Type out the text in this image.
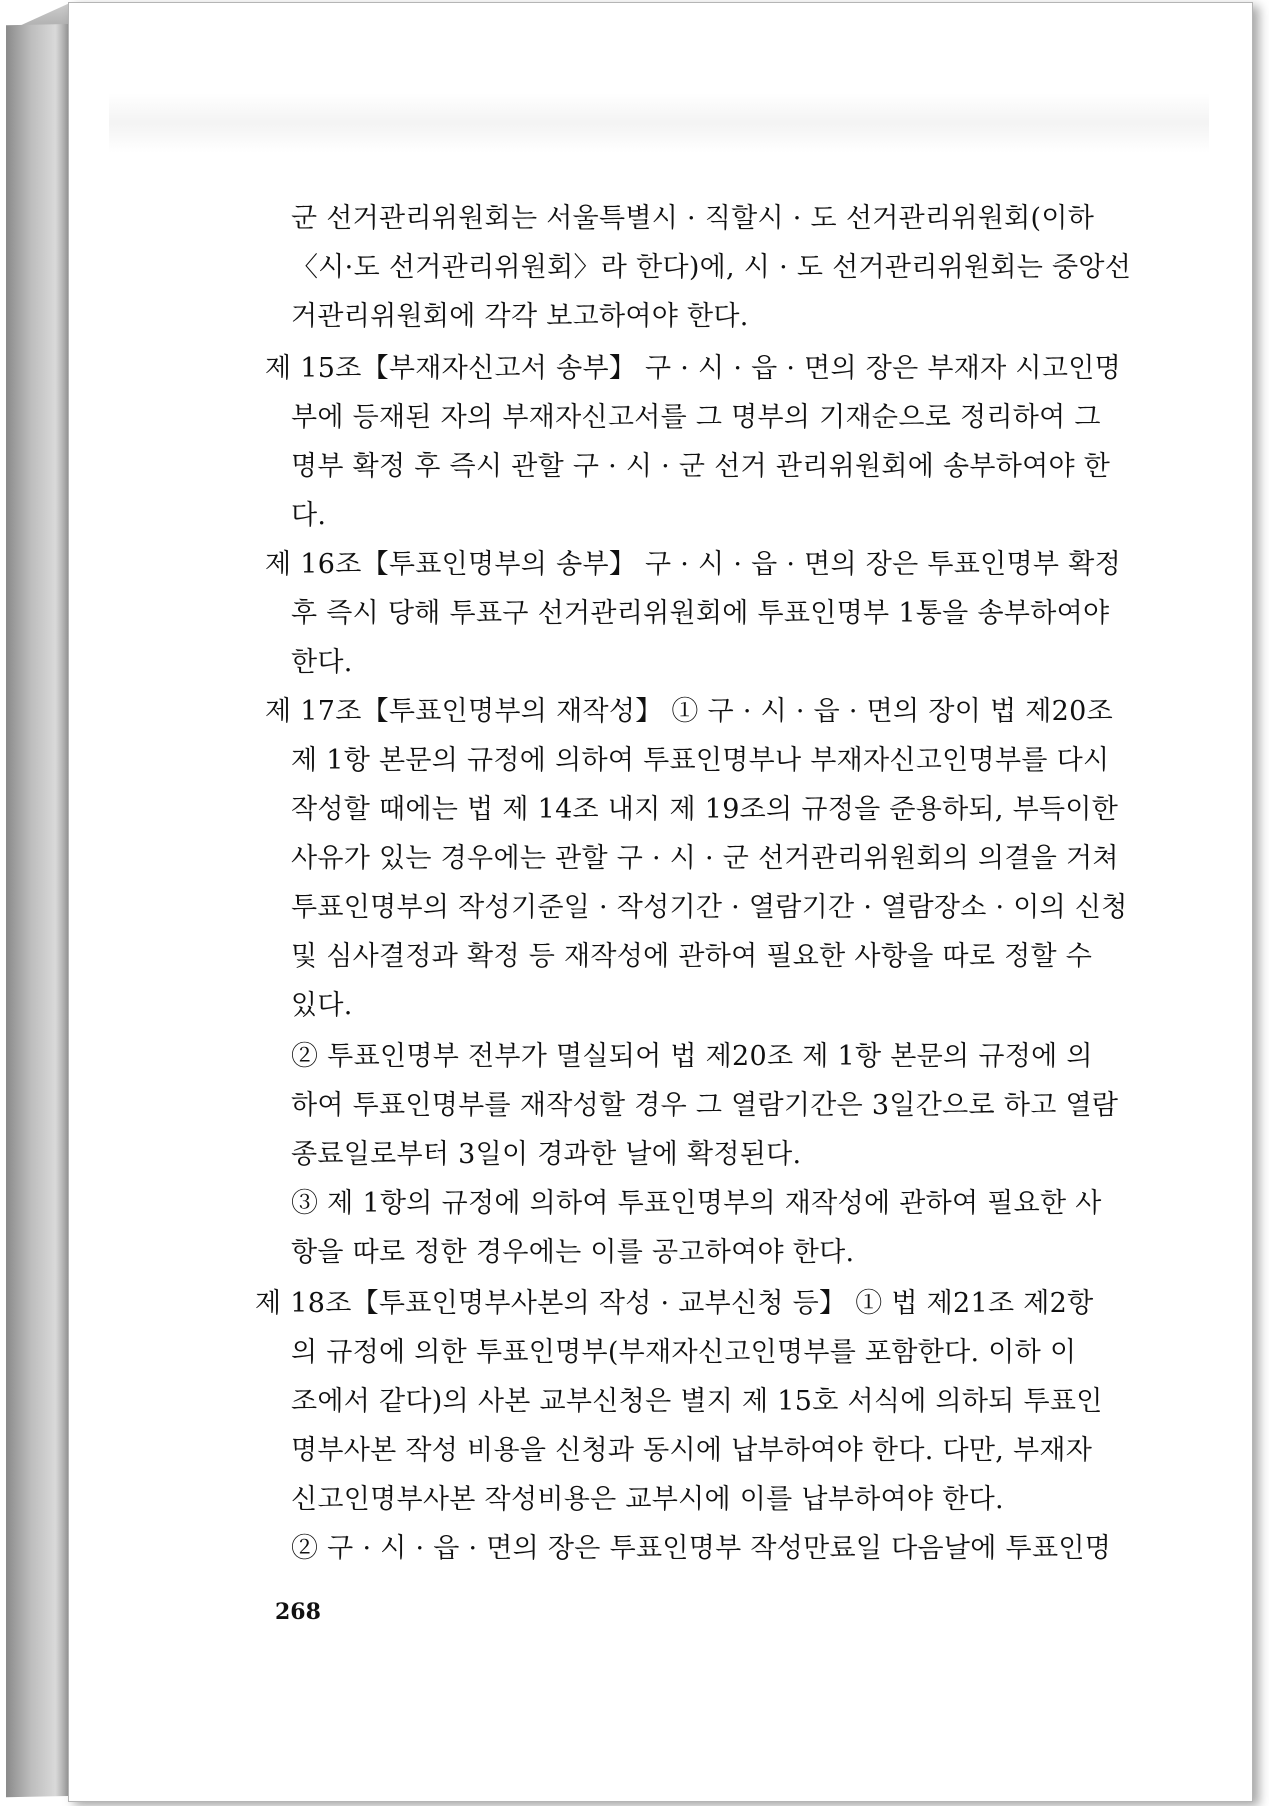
군 선거관리위원회는 서울특별시 · 직할시 · 도 선거관리위원회(이하
〈시·도 선거관리위원회〉라 한다)에, 시 · 도 선거관리위원회는 중앙선
거관리위원회에 각각 보고하여야 한다.
제 15조【부재자신고서 송부】 구 · 시 · 읍 · 면의 장은 부재자 시고인명
부에 등재된 자의 부재자신고서를 그 명부의 기재순으로 정리하여 그
명부 확정 후 즉시 관할 구 · 시 · 군 선거 관리위원회에 송부하여야 한
다.
제 16조【투표인명부의 송부】 구 · 시 · 읍 · 면의 장은 투표인명부 확정
후 즉시 당해 투표구 선거관리위원회에 투표인명부 1통을 송부하여야
한다.
제 17조【투표인명부의 재작성】 ① 구 · 시 · 읍 · 면의 장이 법 제20조
제 1항 본문의 규정에 의하여 투표인명부나 부재자신고인명부를 다시
작성할 때에는 법 제 14조 내지 제 19조의 규정을 준용하되, 부득이한
사유가 있는 경우에는 관할 구 · 시 · 군 선거관리위원회의 의결을 거쳐
투표인명부의 작성기준일 · 작성기간 · 열람기간 · 열람장소 · 이의 신청
및 심사결정과 확정 등 재작성에 관하여 필요한 사항을 따로 정할 수
있다.
② 투표인명부 전부가 멸실되어 법 제20조 제 1항 본문의 규정에 의
하여 투표인명부를 재작성할 경우 그 열람기간은 3일간으로 하고 열람
종료일로부터 3일이 경과한 날에 확정된다.
③ 제 1항의 규정에 의하여 투표인명부의 재작성에 관하여 필요한 사
항을 따로 정한 경우에는 이를 공고하여야 한다.
제 18조【투표인명부사본의 작성 · 교부신청 등】 ① 법 제21조 제2항
의 규정에 의한 투표인명부(부재자신고인명부를 포함한다. 이하 이
조에서 같다)의 사본 교부신청은 별지 제 15호 서식에 의하되 투표인
명부사본 작성 비용을 신청과 동시에 납부하여야 한다. 다만, 부재자
신고인명부사본 작성비용은 교부시에 이를 납부하여야 한다.
② 구 · 시 · 읍 · 면의 장은 투표인명부 작성만료일 다음날에 투표인명
268
